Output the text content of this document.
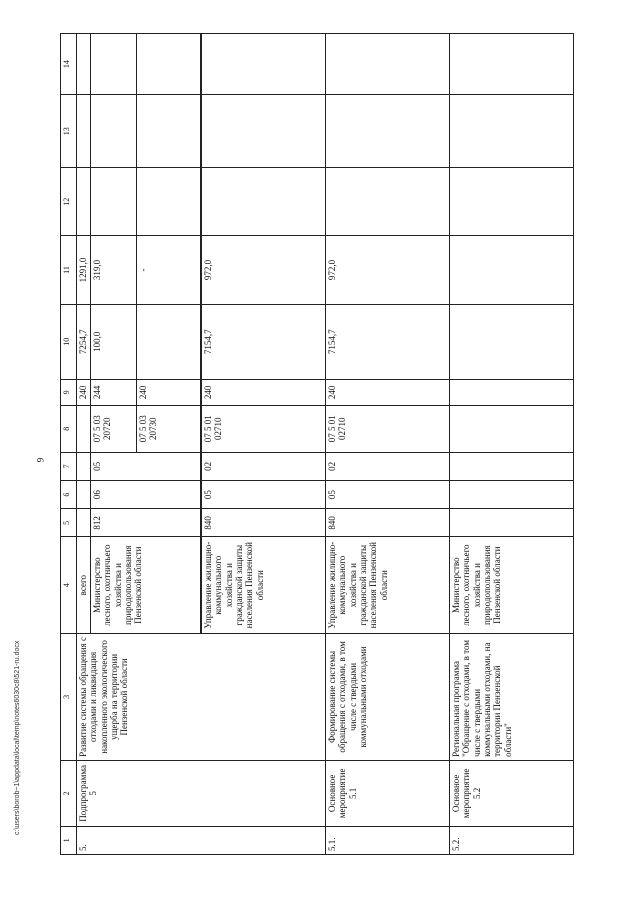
9
c:\users\borob~1\appdata\local\temp\notes6030c8\521-ru.docx
1	2	3	4	5	6	7	8	9	10	11	12	13	14
5.	Подпрограмма 5	Развитие системы обращения с отходами и ликвидация накопленного экологического ущерба на территории Пензенской области	всего					240	7254,7	1291,0			
			Министерство лесного, охотничьего хозяйства и природопользования Пензенской области	812	06	05	07 5 03 20720	244	100,0	319,0			
							07 5 03 20730	240		-			

			Управление жилищно-коммунального хозяйства и гражданской защиты населения Пензенской области	840	05	02	07 5 01 02710	240	7154,7	972,0			
5.1.	Основное мероприятие 5.1	Формирование системы обращения с отходами, в том числе с твердыми коммунальными отходами	Управление жилищно-коммунального хозяйства и гражданской защиты населения Пензенской области	840	05	02	07 5 01 02710	240	7154,7	972,0			
5.2.	Основное мероприятие 5.2	Региональная программа "Обращение с отходами, в том числе с твердыми коммунальными отходами, на территории Пензенской области"	Министерство лесного, охотничьего хозяйства и природопользования Пензенской области										
